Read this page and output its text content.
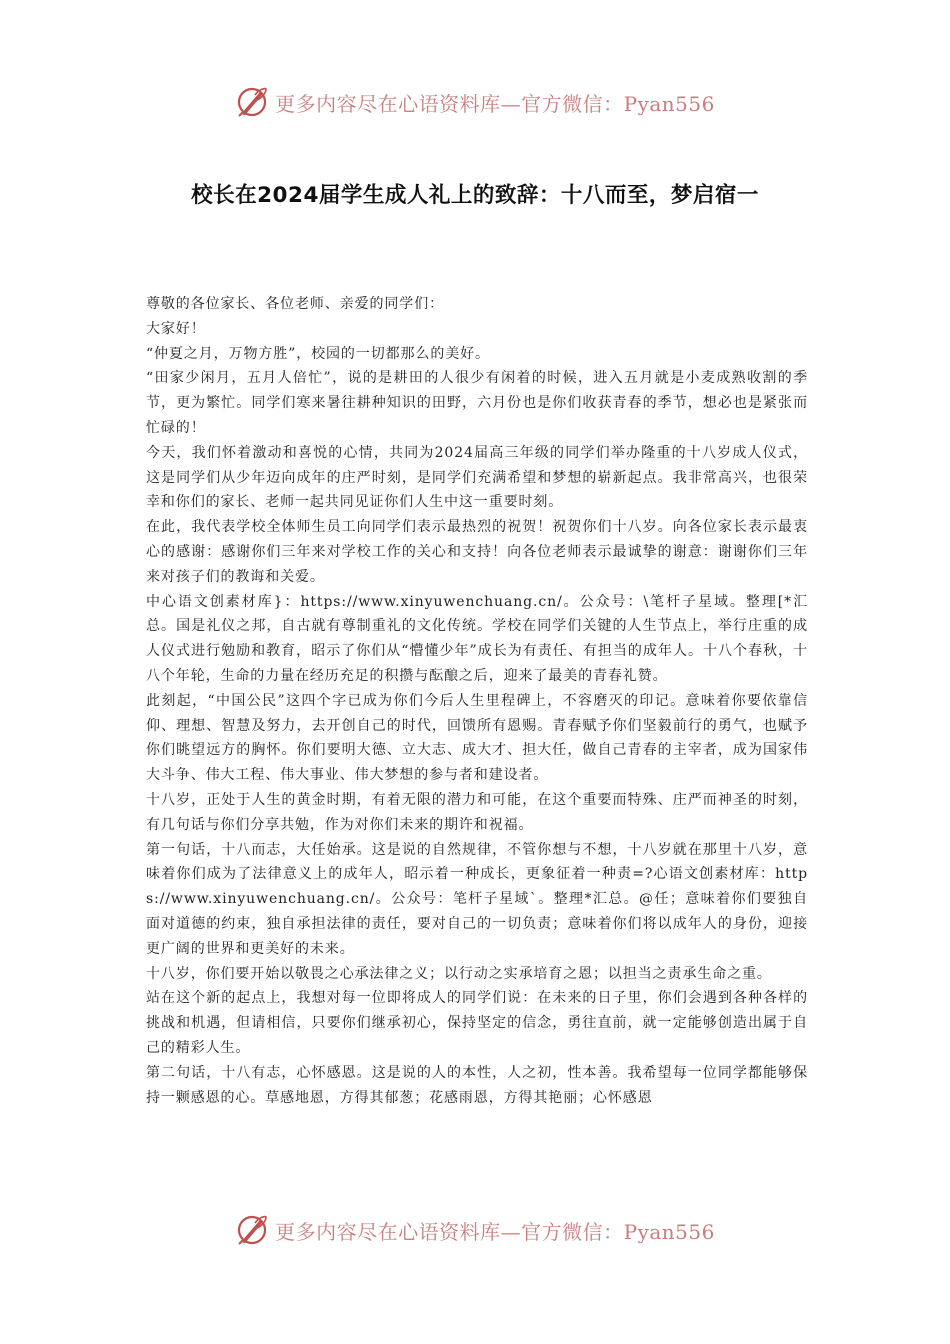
更多内容尽在心语资料库—官方微信：Pyan556
校长在2024届学生成人礼上的致辞：十八而至，梦启宿一

尊敬的各位家长、各位老师、亲爱的同学们：

大家好！

“仲夏之月，万物方胜”，校园的一切都那么的美好。

“田家少闲月，五月人倍忙”，说的是耕田的人很少有闲着的时候，进入五月就是小麦成熟收割的季节，更为繁忙。同学们寒来暑往耕种知识的田野，六月份也是你们收获青春的季节，想必也是紧张而忙碌的！

今天，我们怀着激动和喜悦的心情，共同为2024届高三年级的同学们举办隆重的十八岁成人仪式，这是同学们从少年迈向成年的庄严时刻，是同学们充满希望和梦想的崭新起点。我非常高兴，也很荣幸和你们的家长、老师一起共同见证你们人生中这一重要时刻。

在此，我代表学校全体师生员工向同学们表示最热烈的祝贺！祝贺你们十八岁。向各位家长表示最衷心的感谢：感谢你们三年来对学校工作的关心和支持！向各位老师表示最诚挚的谢意：谢谢你们三年来对孩子们的教诲和关爱。

中心语文创素材库}：https://www.xinyuwenchuang.cn/。公众号：\笔杆子星域。整理[*汇总。国是礼仪之邦，自古就有尊制重礼的文化传统。学校在同学们关键的人生节点上，举行庄重的成人仪式进行勉励和教育，昭示了你们从“懵懂少年”成长为有责任、有担当的成年人。十八个春秋，十八个年轮，生命的力量在经历充足的积攒与酝酿之后，迎来了最美的青春礼赞。

此刻起，“中国公民”这四个字已成为你们今后人生里程碑上，不容磨灭的印记。意味着你要依靠信仰、理想、智慧及努力，去开创自己的时代，回馈所有恩赐。青春赋予你们坚毅前行的勇气，也赋予你们眺望远方的胸怀。你们要明大德、立大志、成大才、担大任，做自己青春的主宰者，成为国家伟大斗争、伟大工程、伟大事业、伟大梦想的参与者和建设者。

十八岁，正处于人生的黄金时期，有着无限的潜力和可能，在这个重要而特殊、庄严而神圣的时刻，有几句话与你们分享共勉，作为对你们未来的期许和祝福。

第一句话，十八而志，大任始承。这是说的自然规律，不管你想与不想，十八岁就在那里十八岁，意味着你们成为了法律意义上的成年人，昭示着一种成长，更象征着一种责=?心语文创素材库：https://www.xinyuwenchuang.cn/。公众号：笔杆子星域`。整理*汇总。@任；意味着你们要独自面对道德的约束，独自承担法律的责任，要对自己的一切负责；意味着你们将以成年人的身份，迎接更广阔的世界和更美好的未来。

十八岁，你们要开始以敬畏之心承法律之义；以行动之实承培育之恩；以担当之责承生命之重。

站在这个新的起点上，我想对每一位即将成人的同学们说：在未来的日子里，你们会遇到各种各样的挑战和机遇，但请相信，只要你们继承初心，保持坚定的信念，勇往直前，就一定能够创造出属于自己的精彩人生。

第二句话，十八有志，心怀感恩。这是说的人的本性，人之初，性本善。我希望每一位同学都能够保持一颗感恩的心。草感地恩，方得其郁葱；花感雨恩，方得其艳丽；心怀感恩

更多内容尽在心语资料库—官方微信：Pyan556
